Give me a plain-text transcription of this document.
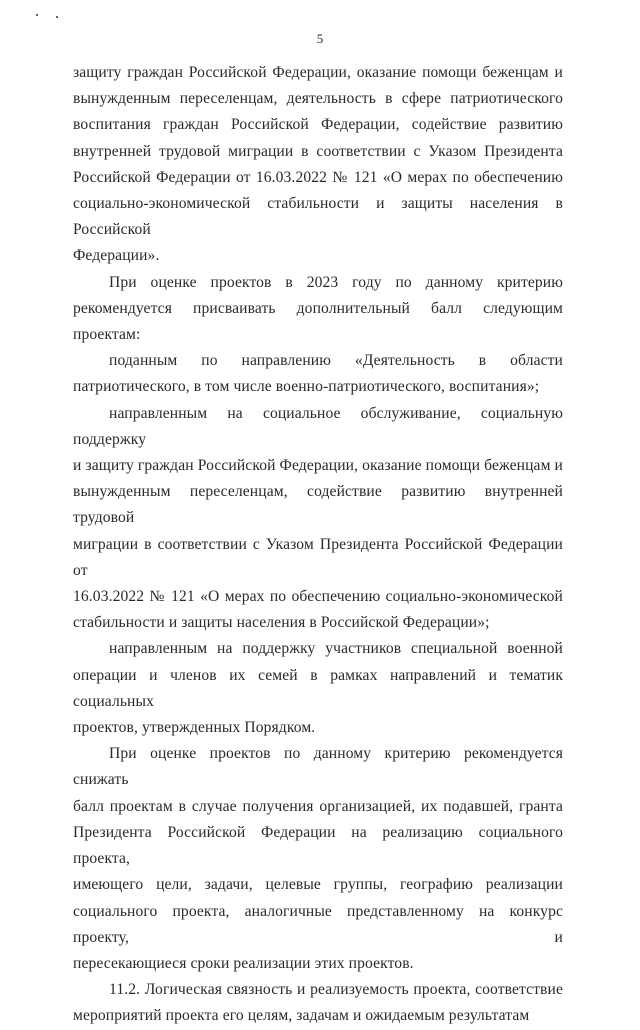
5

защиту граждан Российской Федерации, оказание помощи беженцам и
вынужденным переселенцам, деятельность в сфере патриотического
воспитания граждан Российской Федерации, содействие развитию
внутренней трудовой миграции в соответствии с Указом Президента
Российской Федерации от 16.03.2022 № 121 «О мерах по обеспечению
социально-экономической стабильности и защиты населения в Российской
Федерации».

При оценке проектов в 2023 году по данному критерию
рекомендуется присваивать дополнительный балл следующим проектам:

поданным по направлению «Деятельность в области
патриотического, в том числе военно-патриотического, воспитания»;

направленным на социальное обслуживание, социальную поддержку
и защиту граждан Российской Федерации, оказание помощи беженцам и
вынужденным переселенцам, содействие развитию внутренней трудовой
миграции в соответствии с Указом Президента Российской Федерации от
16.03.2022 № 121 «О мерах по обеспечению социально-экономической
стабильности и защиты населения в Российской Федерации»;

направленным на поддержку участников специальной военной
операции и членов их семей в рамках направлений и тематик социальных
проектов, утвержденных Порядком.

При оценке проектов по данному критерию рекомендуется снижать
балл проектам в случае получения организацией, их подавшей, гранта
Президента Российской Федерации на реализацию социального проекта,
имеющего цели, задачи, целевые группы, географию реализации
социального проекта, аналогичные представленному на конкурс проекту, и
пересекающиеся сроки реализации этих проектов.

11.2. Логическая связность и реализуемость проекта, соответствие
мероприятий проекта его целям, задачам и ожидаемым результатам
